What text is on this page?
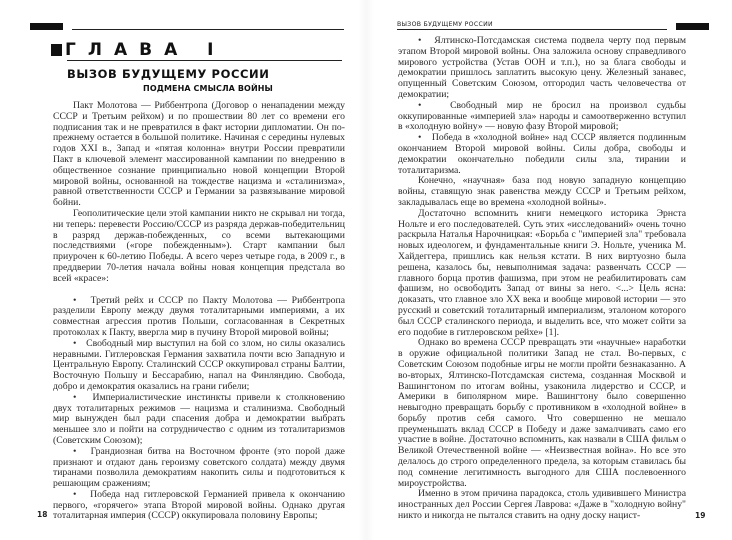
ГЛАВА I
ВЫЗОВ БУДУЩЕМУ РОССИИ
ПОДМЕНА СМЫСЛА ВОЙНЫ

Пакт Молотова — Риббентропа (Договор о ненападении между СССР и Третьим рейхом) и по прошествии 80 лет со времени его подписания так и не превратился в факт истории дипломатии. Он по-прежнему остается в большой политике. Начиная с середины нулевых годов XXI в., Запад и «пятая колонна» внутри России превратили Пакт в ключевой элемент массированной кампании по внедрению в общественное сознание принципиально новой концепции Второй мировой войны, основанной на тождестве нацизма и «сталинизма», равной ответственности СССР и Германии за развязывание мировой бойни.

Геополитические цели этой кампании никто не скрывал ни тогда, ни теперь: перевести Россию/СССР из разряда держав-победительниц в разряд держав-побежденных, со всеми вытекающими последствиями («горе побежденным»). Старт кампании был приурочен к 60-летию Победы. А всего через четыре года, в 2009 г., в преддверии 70-летия начала войны новая концепция предстала во всей «красе»:

•   Третий рейх и СССР по Пакту Молотова — Риббентропа разделили Европу между двумя тоталитарными империями, а их совместная агрессия против Польши, согласованная в Секретных протоколах к Пакту, ввергла мир в пучину Второй мировой войны;

•   Свободный мир выступил на бой со злом, но силы оказались неравными. Гитлеровская Германия захватила почти всю Западную и Центральную Европу. Сталинский СССР оккупировал страны Балтии, Восточную Польшу и Бессарабию, напал на Финляндию. Свобода, добро и демократия оказались на грани гибели;

•   Империалистические инстинкты привели к столкновению двух тоталитарных режимов — нацизма и сталинизма. Свободный мир вынужден был ради спасения добра и демократии выбрать меньшее зло и пойти на сотрудничество с одним из тоталитаризмов (Советским Союзом);

•   Грандиозная битва на Восточном фронте (это порой даже признают и отдают дань героизму советского солдата) между двумя тиранами позволила демократиям накопить силы и подготовиться к решающим сражениям;

•   Победа над гитлеровской Германией привела к окончанию первого, «горячего» этапа Второй мировой войны. Однако другая тоталитарная империя (СССР) оккупировала половину Европы;

18
ВЫЗОВ БУДУЩЕМУ РОССИИ

•   Ялтинско-Потсдамская система подвела черту под первым этапом Второй мировой войны. Она заложила основу справедливого мирового устройства (Устав ООН и т.п.), но за блага свободы и демократии пришлось заплатить высокую цену. Железный занавес, опущенный Советским Союзом, отгородил часть человечества от демократии;

•   Свободный мир не бросил на произвол судьбы оккупированные «империей зла» народы и самоотверженно вступил в «холодную войну» — новую фазу Второй мировой;

•   Победа в «холодной войне» над СССР является подлинным окончанием Второй мировой войны. Силы добра, свободы и демократии окончательно победили силы зла, тирании и тоталитаризма.

Конечно, «научная» база под новую западную концепцию войны, ставящую знак равенства между СССР и Третьим рейхом, закладывалась еще во времена «холодной войны».

Достаточно вспомнить книги немецкого историка Эрнста Нольте и его последователей. Суть этих «исследований» очень точно раскрыла Наталья Нарочницкая: «Борьба с "империей зла" требовала новых идеологем, и фундаментальные книги Э. Нольте, ученика М. Хайдеггера, пришлись как нельзя кстати. В них виртуозно была решена, казалось бы, невыполнимая задача: развенчать СССР — главного борца против фашизма, при этом не реабилитировать сам фашизм, но освободить Запад от вины за него. <...> Цель ясна: доказать, что главное зло XX века и вообще мировой истории — это русский и советский тоталитарный империализм, эталоном которого был СССР сталинского периода, и выделить все, что может сойти за его подобие в гитлеровском рейхе» [1].

Однако во времена СССР превращать эти «научные» наработки в оружие официальной политики Запад не стал. Во-первых, с Советским Союзом подобные игры не могли пройти безнаказанно. А во-вторых, Ялтинско-Потсдамская система, созданная Москвой и Вашингтоном по итогам войны, узаконила лидерство и СССР, и Америки в биполярном мире. Вашингтону было совершенно невыгодно превращать борьбу с противником в «холодной войне» в борьбу против себя самого. Что совершенно не мешало преуменьшать вклад СССР в Победу и даже замалчивать само его участие в войне. Достаточно вспомнить, как назвали в США фильм о Великой Отечественной войне — «Неизвестная война». Но все это делалось до строго определенного предела, за которым ставилась бы под сомнение легитимность выгодного для США послевоенного мироустройства.

Именно в этом причина парадокса, столь удивившего Министра иностранных дел России Сергея Лаврова: «Даже в "холодную войну" никто и никогда не пытался ставить на одну доску нацист-	19
